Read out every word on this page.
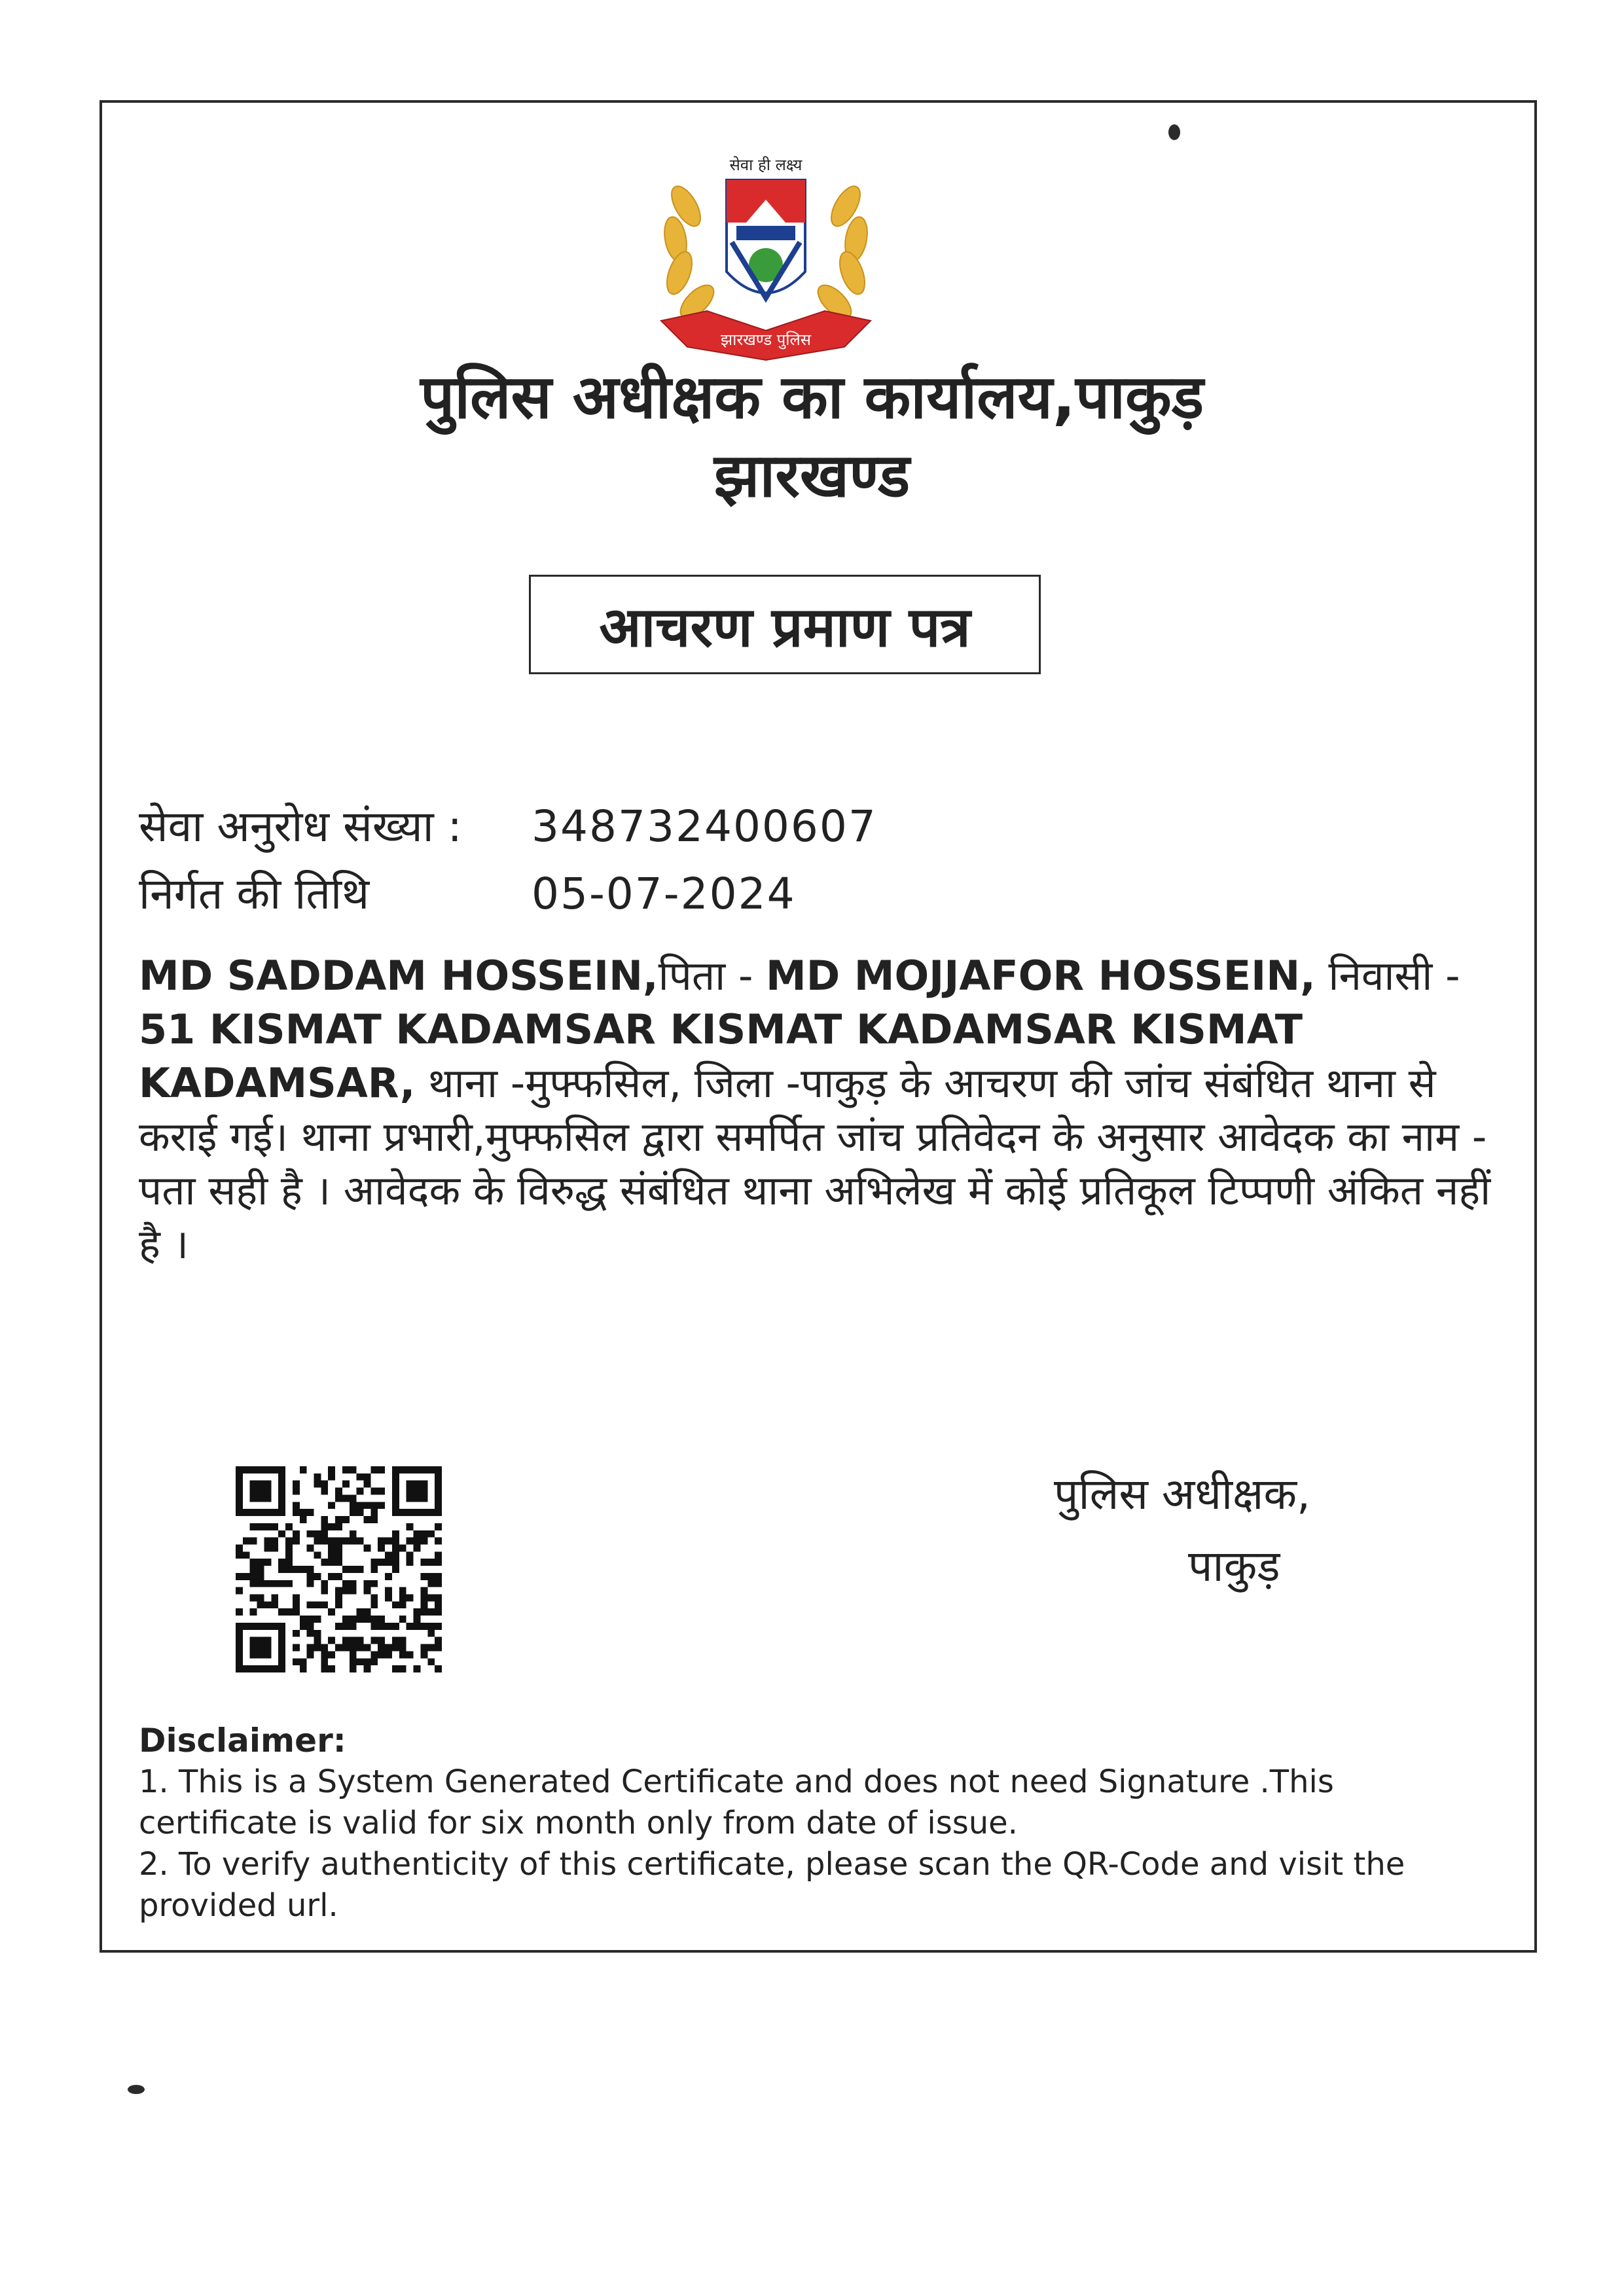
सेवा ही लक्ष्य
झारखण्ड पुलिस
पुलिस अधीक्षक का कार्यालय,पाकुड़
झारखण्ड
आचरण प्रमाण पत्र
सेवा अनुरोध संख्या : 348732400607
निर्गत की तिथि	05-07-2024
MD SADDAM HOSSEIN,पिता - MD MOJJAFOR HOSSEIN, निवासी - 51 KISMAT KADAMSAR KISMAT KADAMSAR KISMAT KADAMSAR, थाना -मुफ्फसिल, जिला -पाकुड़ के आचरण की जांच संबंधित थाना से कराई गई। थाना प्रभारी,मुफ्फसिल द्वारा समर्पित जांच प्रतिवेदन के अनुसार आवेदक का नाम - पता सही है । आवेदक के विरुद्ध संबंधित थाना अभिलेख में कोई प्रतिकूल टिप्पणी अंकित नहीं है ।
पुलिस अधीक्षक,
पाकुड़
Disclaimer:
1. This is a System Generated Certificate and does not need Signature .This certificate is valid for six month only from date of issue.
2. To verify authenticity of this certificate, please scan the QR-Code and visit the provided url.
